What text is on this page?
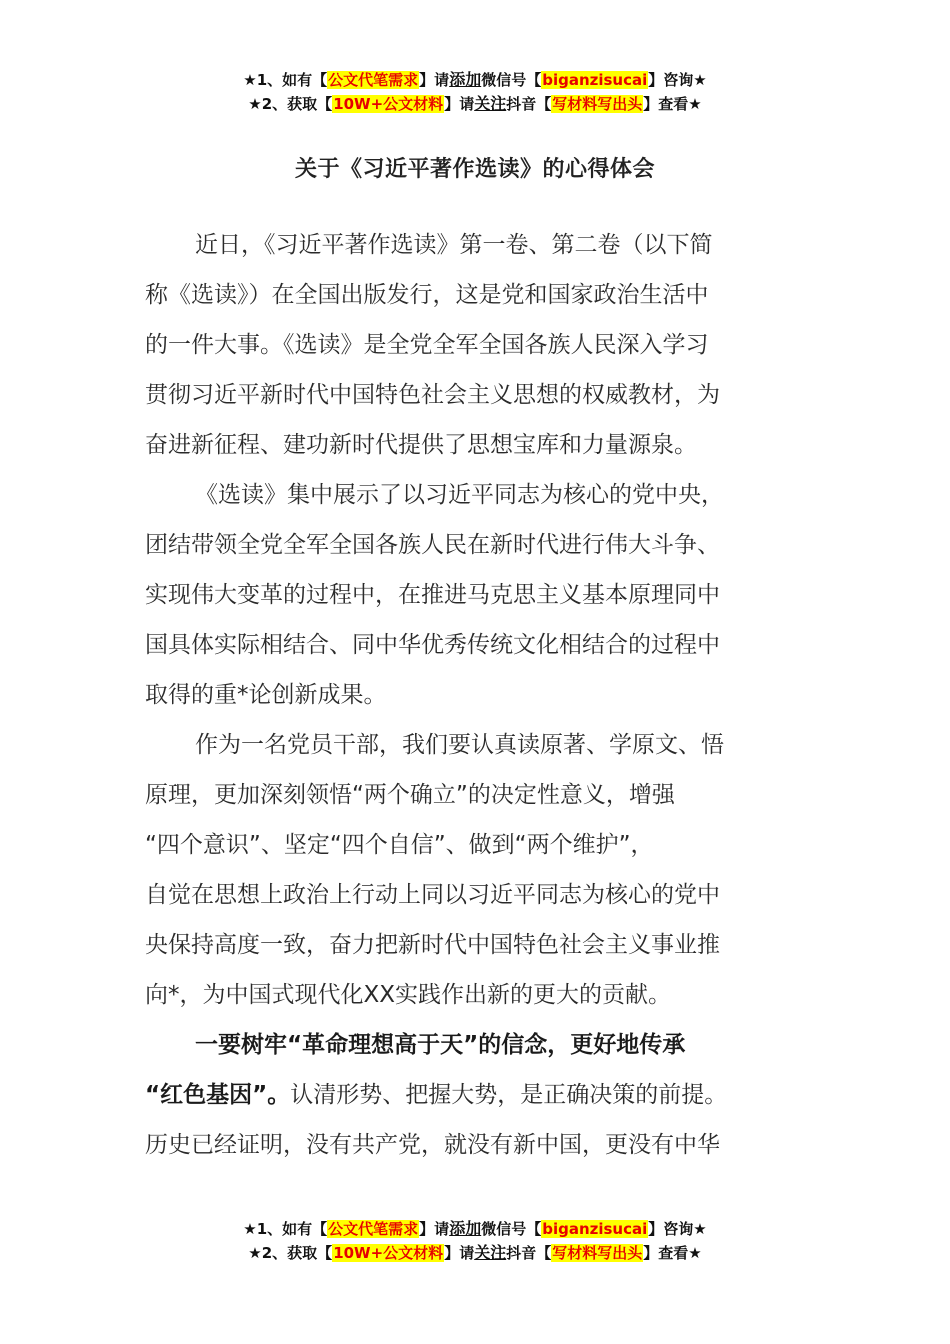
★1、如有【公文代笔需求】请添加微信号【biganzisucai】咨询★
★2、获取【10W+公文材料】请关注抖音【写材料写出头】查看★
关于《习近平著作选读》的心得体会
近日，《习近平著作选读》第一卷、第二卷（以下简
称《选读》）在全国出版发行，这是党和国家政治生活中
的一件大事。《选读》是全党全军全国各族人民深入学习
贯彻习近平新时代中国特色社会主义思想的权威教材，为
奋进新征程、建功新时代提供了思想宝库和力量源泉。
《选读》集中展示了以习近平同志为核心的党中央，
团结带领全党全军全国各族人民在新时代进行伟大斗争、
实现伟大变革的过程中，在推进马克思主义基本原理同中
国具体实际相结合、同中华优秀传统文化相结合的过程中
取得的重*论创新成果。
作为一名党员干部，我们要认真读原著、学原文、悟
原理，更加深刻领悟“两个确立”的决定性意义，增强
“四个意识”、坚定“四个自信”、做到“两个维护”，
自觉在思想上政治上行动上同以习近平同志为核心的党中
央保持高度一致，奋力把新时代中国特色社会主义事业推
向*，为中国式现代化XX实践作出新的更大的贡献。
一要树牢“革命理想高于天”的信念，更好地传承
“红色基因”。认清形势、把握大势，是正确决策的前提。
历史已经证明，没有共产党，就没有新中国，更没有中华
★1、如有【公文代笔需求】请添加微信号【biganzisucai】咨询★
★2、获取【10W+公文材料】请关注抖音【写材料写出头】查看★
